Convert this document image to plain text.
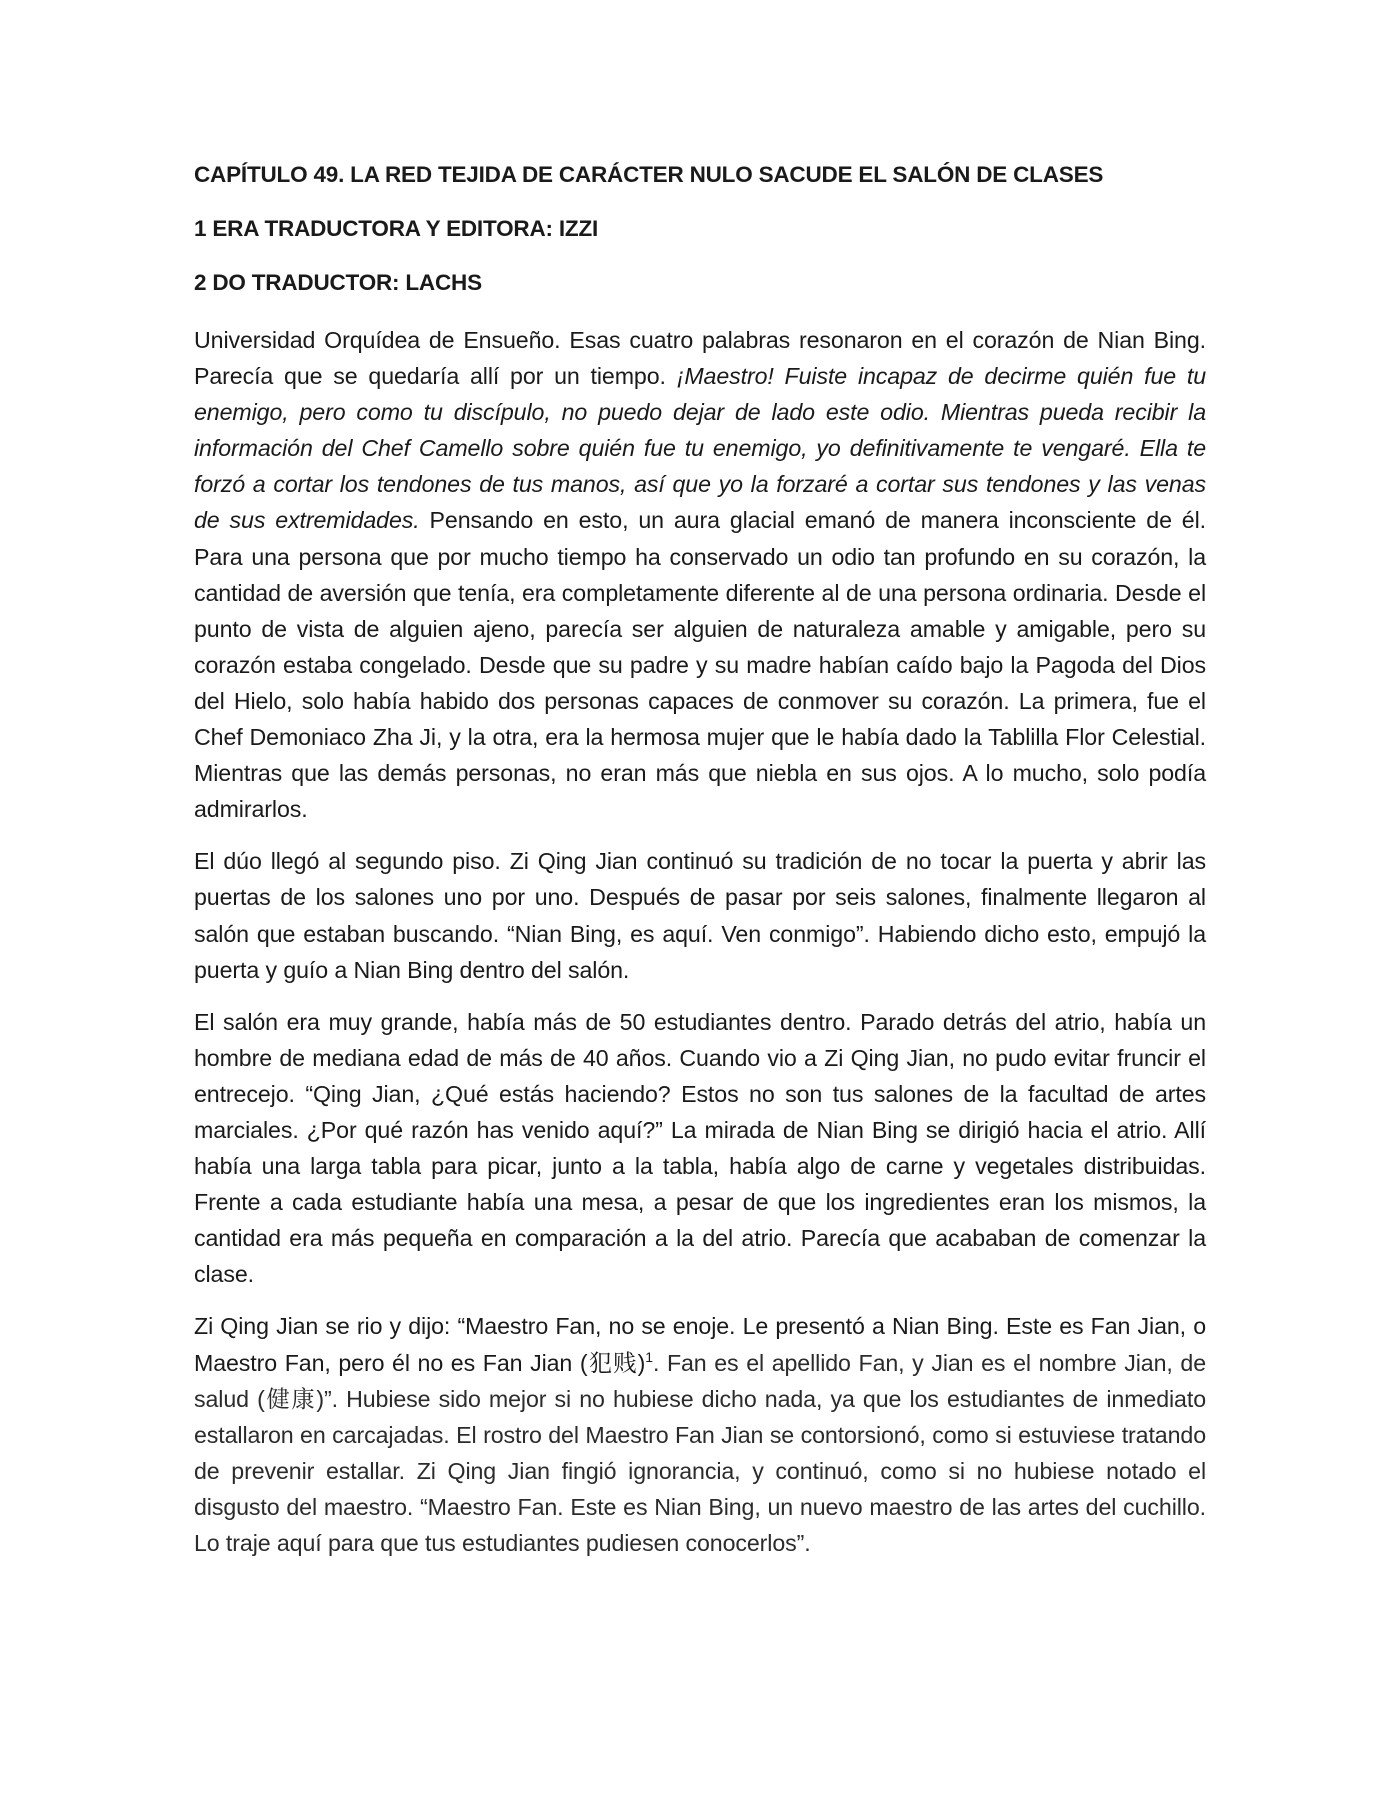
CAPÍTULO 49. LA RED TEJIDA DE CARÁCTER NULO SACUDE EL SALÓN DE CLASES
1 ERA TRADUCTORA Y EDITORA: IZZI
2 DO TRADUCTOR: LACHS

Universidad Orquídea de Ensueño. Esas cuatro palabras resonaron en el corazón de Nian Bing. Parecía que se quedaría allí por un tiempo. ¡Maestro! Fuiste incapaz de decirme quién fue tu enemigo, pero como tu discípulo, no puedo dejar de lado este odio. Mientras pueda recibir la información del Chef Camello sobre quién fue tu enemigo, yo definitivamente te vengaré. Ella te forzó a cortar los tendones de tus manos, así que yo la forzaré a cortar sus tendones y las venas de sus extremidades. Pensando en esto, un aura glacial emanó de manera inconsciente de él. Para una persona que por mucho tiempo ha conservado un odio tan profundo en su corazón, la cantidad de aversión que tenía, era completamente diferente al de una persona ordinaria. Desde el punto de vista de alguien ajeno, parecía ser alguien de naturaleza amable y amigable, pero su corazón estaba congelado. Desde que su padre y su madre habían caído bajo la Pagoda del Dios del Hielo, solo había habido dos personas capaces de conmover su corazón. La primera, fue el Chef Demoniaco Zha Ji, y la otra, era la hermosa mujer que le había dado la Tablilla Flor Celestial. Mientras que las demás personas, no eran más que niebla en sus ojos. A lo mucho, solo podía admirarlos.

El dúo llegó al segundo piso. Zi Qing Jian continuó su tradición de no tocar la puerta y abrir las puertas de los salones uno por uno. Después de pasar por seis salones, finalmente llegaron al salón que estaban buscando. “Nian Bing, es aquí. Ven conmigo”. Habiendo dicho esto, empujó la puerta y guío a Nian Bing dentro del salón.

El salón era muy grande, había más de 50 estudiantes dentro. Parado detrás del atrio, había un hombre de mediana edad de más de 40 años. Cuando vio a Zi Qing Jian, no pudo evitar fruncir el entrecejo. “Qing Jian, ¿Qué estás haciendo? Estos no son tus salones de la facultad de artes marciales. ¿Por qué razón has venido aquí?” La mirada de Nian Bing se dirigió hacia el atrio. Allí había una larga tabla para picar, junto a la tabla, había algo de carne y vegetales distribuidas. Frente a cada estudiante había una mesa, a pesar de que los ingredientes eran los mismos, la cantidad era más pequeña en comparación a la del atrio. Parecía que acababan de comenzar la clase.

Zi Qing Jian se rio y dijo: “Maestro Fan, no se enoje. Le presentó a Nian Bing. Este es Fan Jian, o Maestro Fan, pero él no es Fan Jian (犯贱)$^1$. Fan es el apellido Fan, y Jian es el nombre Jian, de salud (健康)”. Hubiese sido mejor si no hubiese dicho nada, ya que los estudiantes de inmediato estallaron en carcajadas. El rostro del Maestro Fan Jian se contorsionó, como si estuviese tratando de prevenir estallar. Zi Qing Jian fingió ignorancia, y continuó, como si no hubiese notado el disgusto del maestro. “Maestro Fan. Este es Nian Bing, un nuevo maestro de las artes del cuchillo. Lo traje aquí para que tus estudiantes pudiesen conocerlos”.
